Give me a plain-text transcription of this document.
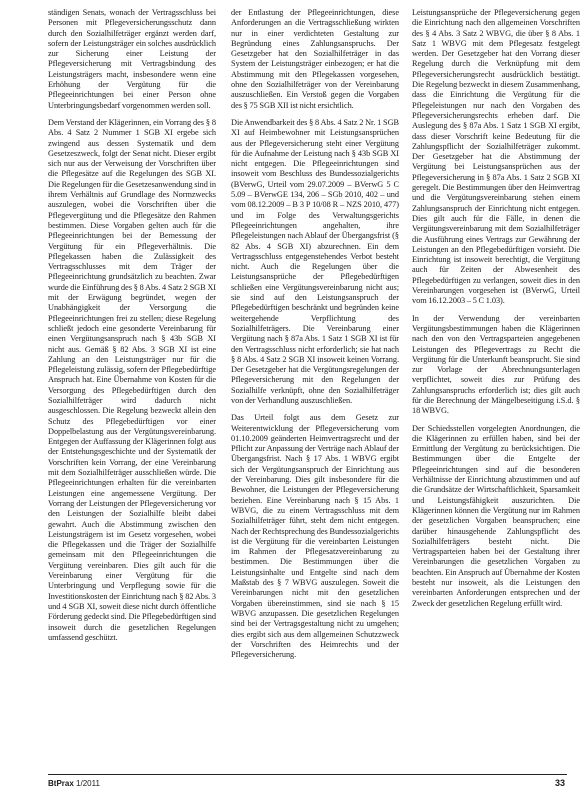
ständigen Senats, wonach der Vertragsschluss bei Personen mit Pflegeversicherungsschutz dann durch den Sozialhilfeträger ergänzt werden darf, sofern der Leistungsträger ein solches ausdrücklich zur Sicherung einer Leistung der Pflegeversicherung mit Vertragsbindung des Leistungsträgers macht, insbesondere wenn eine Erhöhung der Vergütung für die Pflegeeinrichtungen bei einer Person ohne Unterbringungsbedarf vorgenommen werden soll.

Dem Verstand der Klägerinnen, ein Vorrang des § 8 Abs. 4 Satz 2 Nummer 1 SGB XI ergebe sich zwingend aus dessen Systematik und dem Gesetzeszweck, folgt der Senat nicht. Dieser ergibt sich nur aus der Verweisung der Vorschriften über die Pflegesätze auf die Regelungen des SGB XI. Die Regelungen für die Gesetzesanwendung sind in ihrem Verhältnis auf Grundlage des Normzwecks auszulegen, wobei die Vorschriften über die Pflegevergütung und die Pflegesätze den Rahmen bestimmen. Diese Vorgaben gelten auch für die Pflegeeinrichtungen bei der Bemessung der Vergütung für ein Pflegeverhältnis. Die Pflegekassen haben die Zulässigkeit des Vertragsschlusses mit dem Träger der Pflegeeinrichtung grundsätzlich zu beachten. Zwar wurde die Einführung des § 8 Abs. 4 Satz 2 SGB XI mit der Erwägung begründet, wegen der Unabhängigkeit der Versorgung die Pflegeeinrichtungen frei zu stellen; diese Regelung schließt jedoch eine gesonderte Vereinbarung für einen Vergütungsanspruch nach § 43b SGB XI nicht aus. Gemäß § 82 Abs. 3 SGB XI ist eine Zahlung an den Leistungsträger nur für die Pflegeleistung zulässig, sofern der Pflegebedürftige Anspruch hat. Eine Übernahme von Kosten für die Versorgung des Pflegebedürftigen durch den Sozialhilfeträger wird dadurch nicht ausgeschlossen. Die Regelung bezweckt allein den Schutz des Pflegebedürftigen vor einer Doppelbelastung aus der Vergütungsvereinbarung. Entgegen der Auffassung der Klägerinnen folgt aus der Entstehungsgeschichte und der Systematik der Vorschriften kein Vorrang, der eine Vereinbarung mit dem Sozialhilfeträger ausschließen würde. Die Pflegeeinrichtungen erhalten für die vereinbarten Leistungen eine angemessene Vergütung. Der Vorrang der Leistungen der Pflegeversicherung vor den Leistungen der Sozialhilfe bleibt dabei gewahrt. Auch die Abstimmung zwischen den Leistungsträgern ist im Gesetz vorgesehen, wobei die Pflegekassen und die Träger der Sozialhilfe gemeinsam mit den Pflegeeinrichtungen die Vergütung vereinbaren. Dies gilt auch für die Vereinbarung einer Vergütung für die Unterbringung und Verpflegung sowie für die Investitionskosten der Einrichtung nach § 82 Abs. 3 und 4 SGB XI, soweit diese nicht durch öffentliche Förderung gedeckt sind. Die Pflegebedürftigen sind insoweit durch die gesetzlichen Regelungen umfassend geschützt.

der Entlastung der Pflegeeinrichtungen, diese Anforderungen an die Vertragsschließung wirkten nur in einer verdichteten Gestaltung zur Begründung eines Zahlungsanspruchs. Der Gesetzgeber hat den Sozialhilfeträger in das System der Leistungsträger einbezogen; er hat die Abstimmung mit den Pflegekassen vorgesehen, ohne den Sozialhilfeträger von der Vereinbarung auszuschließen. Ein Verstoß gegen die Vorgaben des § 75 SGB XII ist nicht ersichtlich.

Die Anwendbarkeit des § 8 Abs. 4 Satz 2 Nr. 1 SGB XI auf Heimbewohner mit Leistungsansprüchen aus der Pflegeversicherung steht einer Vergütung für die Aufnahme der Leistung nach § 43b SGB XI nicht entgegen. Die Pflegeeinrichtungen sind insoweit vom Beschluss des Bundessozialgerichts (BVerwG, Urteil vom 29.07.2009 – BVerwG 5 C 5.09 – BVerwGE 134, 206 – SGb 2010, 402 – und vom 08.12.2009 – B 3 P 10/08 R – NZS 2010, 477) und im Folge des Verwaltungsgerichts Pflegeeinrichtungen angehalten, ihre Pflegeleistungen nach Ablauf der Übergangsfrist (§ 82 Abs. 4 SGB XI) abzurechnen. Ein dem Vertragsschluss entgegenstehendes Verbot besteht nicht. Auch die Regelungen über die Leistungsansprüche der Pflegebedürftigen schließen eine Vergütungsvereinbarung nicht aus; sie sind auf den Leistungsanspruch der Pflegebedürftigen beschränkt und begründen keine weitergehende Verpflichtung des Sozialhilfeträgers. Die Vereinbarung einer Vergütung nach § 87a Abs. 1 Satz 1 SGB XI ist für den Vertragsschluss nicht erforderlich; sie hat nach § 8 Abs. 4 Satz 2 SGB XI insoweit keinen Vorrang. Der Gesetzgeber hat die Vergütungsregelungen der Pflegeversicherung mit den Regelungen der Sozialhilfe verknüpft, ohne den Sozialhilfeträger von der Verhandlung auszuschließen.

Das Urteil folgt aus dem Gesetz zur Weiterentwicklung der Pflegeversicherung vom 01.10.2009 geänderten Heimvertragsrecht und der Pflicht zur Anpassung der Verträge nach Ablauf der Übergangsfrist. Nach § 17 Abs. 1 WBVG ergibt sich der Vergütungsanspruch der Einrichtung aus der Vereinbarung. Dies gilt insbesondere für die Bewohner, die Leistungen der Pflegeversicherung beziehen. Eine Vereinbarung nach § 15 Abs. 1 WBVG, die zu einem Vertragsschluss mit dem Sozialhilfeträger führt, steht dem nicht entgegen. Nach der Rechtsprechung des Bundessozialgerichts ist die Vergütung für die vereinbarten Leistungen im Rahmen der Pflegesatzvereinbarung zu bestimmen. Die Bestimmungen über die Leistungsinhalte und Entgelte sind nach dem Maßstab des § 7 WBVG auszulegen. Soweit die Vereinbarungen nicht mit den gesetzlichen Vorgaben übereinstimmen, sind sie nach § 15 WBVG anzupassen. Die gesetzlichen Regelungen sind bei der Vertragsgestaltung nicht zu umgehen; dies ergibt sich aus dem allgemeinen Schutzzweck der Vorschriften des Heimrechts und der Pflegeversicherung.

Leistungsansprüche der Pflegeversicherung gegen die Einrichtung nach den allgemeinen Vorschriften des § 4 Abs. 3 Satz 2 WBVG, die über § 8 Abs. 1 Satz 1 WBVG mit dem Pflegesatz festgelegt werden. Der Gesetzgeber hat den Vorrang dieser Regelung durch die Verknüpfung mit dem Pflegeversicherungsrecht ausdrücklich bestätigt. Die Regelung bezweckt in diesem Zusammenhang, dass die Einrichtung die Vergütung für die Pflegeleistungen nur nach den Vorgaben des Pflegeversicherungsrechts erheben darf. Die Auslegung des § 87a Abs. 1 Satz 1 SGB XI ergibt, dass dieser Vorschrift keine Bedeutung für die Zahlungspflicht der Sozialhilfeträger zukommt. Der Gesetzgeber hat die Abstimmung der Vergütung bei Leistungsansprüchen aus der Pflegeversicherung in § 87a Abs. 1 Satz 2 SGB XI geregelt. Die Bestimmungen über den Heimvertrag und die Vergütungsvereinbarung stehen einem Zahlungsanspruch der Einrichtung nicht entgegen. Dies gilt auch für die Fälle, in denen die Vergütungsvereinbarung mit dem Sozialhilfeträger die Ausführung eines Vertrags zur Gewährung der Leistungen an den Pflegebedürftigen vorsieht. Die Einrichtung ist insoweit berechtigt, die Vergütung auch für Zeiten der Abwesenheit des Pflegebedürftigen zu verlangen, soweit dies in den Vereinbarungen vorgesehen ist (BVerwG, Urteil vom 16.12.2003 – 5 C 1.03).

In der Verwendung der vereinbarten Vergütungsbestimmungen haben die Klägerinnen nach den von den Vertragsparteien angegebenen Leistungen des Pflegevertrags zu Recht die Vergütung für die Unterkunft beansprucht. Sie sind zur Vorlage der Abrechnungsunterlagen verpflichtet, soweit dies zur Prüfung des Zahlungsanspruchs erforderlich ist; dies gilt auch für die Berechnung der Mängelbeseitigung i.S.d. § 18 WBVG.

Der Schiedsstellen vorgelegten Anordnungen, die die Klägerinnen zu erfüllen haben, sind bei der Ermittlung der Vergütung zu berücksichtigen. Die Bestimmungen über die Entgelte der Pflegeeinrichtungen sind auf die besonderen Verhältnisse der Einrichtung abzustimmen und auf die Grundsätze der Wirtschaftlichkeit, Sparsamkeit und Leistungsfähigkeit auszurichten. Die Klägerinnen können die Vergütung nur im Rahmen der gesetzlichen Vorgaben beanspruchen; eine darüber hinausgehende Zahlungspflicht des Sozialhilfeträgers besteht nicht. Die Vertragsparteien haben bei der Gestaltung ihrer Vereinbarungen die gesetzlichen Vorgaben zu beachten. Ein Anspruch auf Übernahme der Kosten besteht nur insoweit, als die Leistungen den vereinbarten Anforderungen entsprechen und der Zweck der gesetzlichen Regelung erfüllt wird.

BtPrax 1/2011	33
